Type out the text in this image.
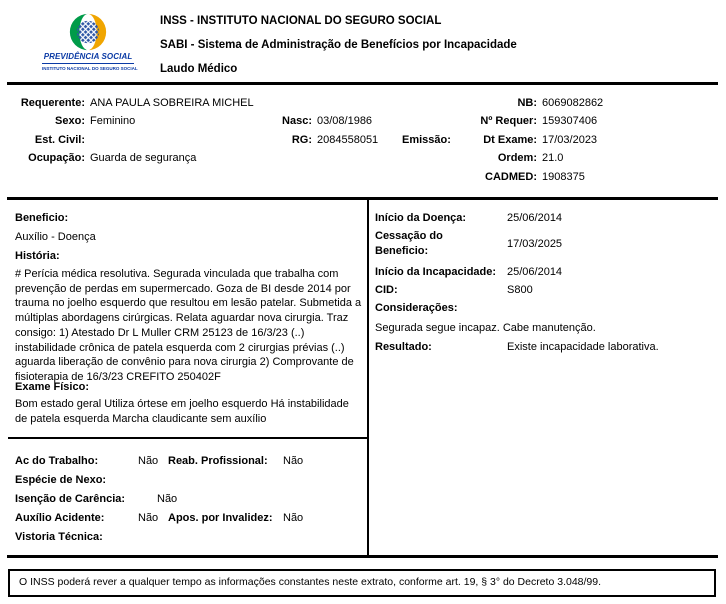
PREVIDÊNCIA SOCIAL
INSTITUTO NACIONAL DO SEGURO SOCIAL
INSS - INSTITUTO NACIONAL DO SEGURO SOCIAL
SABI - Sistema de Administração de Benefícios por Incapacidade
Laudo Médico
Requerente: ANA PAULA SOBREIRA MICHEL	NB: 6069082862
Sexo: Feminino	Nasc: 03/08/1986	Nº Requer: 159307406
Est. Civil:	RG: 2084558051 Emissão:	Dt Exame: 17/03/2023
Ocupação: Guarda de segurança	Ordem: 21.0
CADMED: 1908375
Beneficio:
Auxílio - Doença
História:
# Perícia médica resolutiva. Segurada vinculada que trabalha com prevenção de perdas em supermercado. Goza de BI desde 2014 por trauma no joelho esquerdo que resultou em lesão patelar. Submetida a múltiplas abordagens cirúrgicas. Relata aguardar nova cirurgia. Traz consigo: 1) Atestado Dr L Muller CRM 25123 de 16/3/23 (..) instabilidade crônica de patela esquerda com 2 cirurgias prévias (..) aguarda liberação de convênio para nova cirurgia 2) Comprovante de fisioterapia de 16/3/23 CREFITO 250402F
Exame Físico:
Bom estado geral Utiliza órtese em joelho esquerdo Há instabilidade de patela esquerda Marcha claudicante sem auxílio
Início da Doença:	25/06/2014
Cessação do Beneficio:
17/03/2025
Início da Incapacidade: 25/06/2014
CID:	S800
Considerações:
Segurada segue incapaz. Cabe manutenção.
Resultado:	Existe incapacidade laborativa.
Ac do Trabalho:	Não Reab. Profissional: Não
Espécie de Nexo:
Isenção de Carência:	Não
Auxílio Acidente:	Não Apos. por Invalidez: Não
Vistoria Técnica:
O INSS poderá rever a qualquer tempo as informações constantes neste extrato, conforme art. 19, § 3° do Decreto 3.048/99.
